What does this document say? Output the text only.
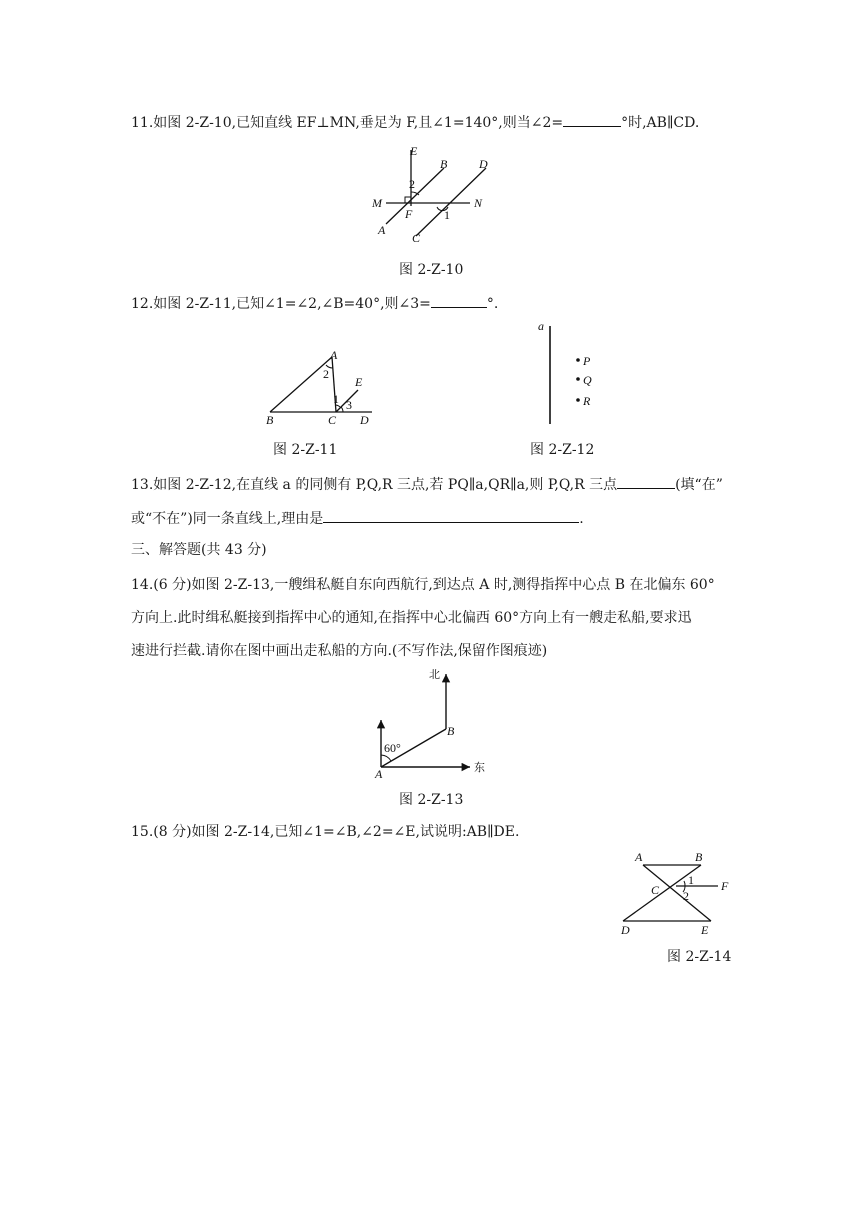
11.如图 2-Z-10,已知直线 EF⊥MN,垂足为 F,且∠1=140°,则当∠2=	°时,AB∥CD.
E
B	D
M	N
F
A
C
1
2
图 2-Z-10
12.如图 2-Z-11,已知∠1=∠2,∠B=40°,则∠3=	°.
A
B	C D
E
1
2
3
图 2-Z-11
a
P
Q
R
图 2-Z-12
13.如图 2-Z-12,在直线 a 的同侧有 P,Q,R 三点,若 PQ∥a,QR∥a,则 P,Q,R 三点	(填“在”
或“不在”)同一条直线上,理由是	.
三、解答题(共 43 分)
14.(6 分)如图 2-Z-13,一艘缉私艇自东向西航行,到达点 A 时,测得指挥中心点 B 在北偏东 60°
方向上.此时缉私艇接到指挥中心的通知,在指挥中心北偏西 60°方向上有一艘走私船,要求迅
速进行拦截.请你在图中画出走私船的方向.(不写作法,保留作图痕迹)
北
东
A
B
60°
图 2-Z-13
15.(8 分)如图 2-Z-14,已知∠1=∠B,∠2=∠E,试说明:AB∥DE.
A	B
C
D	E
F
1
2
图 2-Z-14
